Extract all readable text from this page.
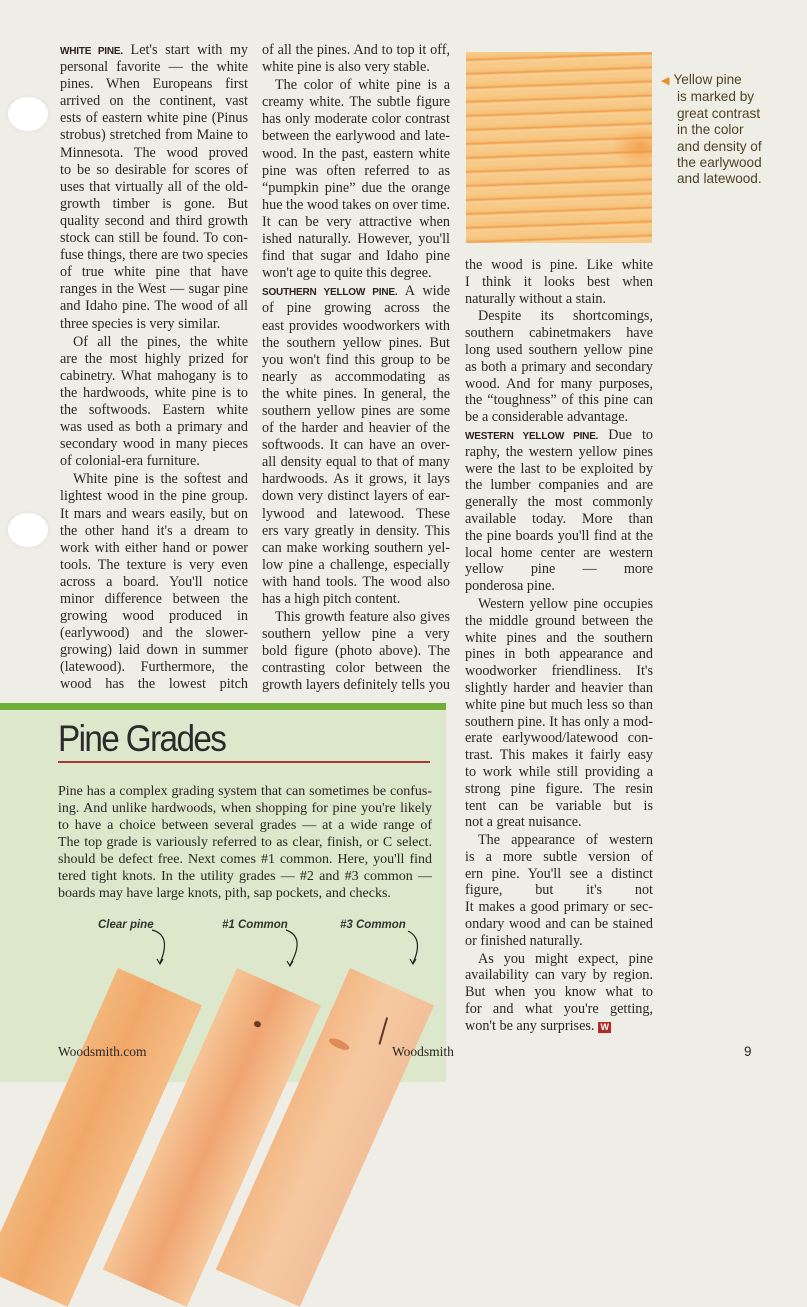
WHITE PINE. Let's start with my
personal favorite — the white
pines. When Europeans first
arrived on the continent, vast
ests of eastern white pine (Pinus
strobus) stretched from Maine to
Minnesota. The wood proved
to be so desirable for scores of
uses that virtually all of the old-
growth timber is gone. But
quality second and third growth
stock can still be found. To con-
fuse things, there are two species
of true white pine that have
ranges in the West — sugar pine
and Idaho pine. The wood of all
three species is very similar.
Of all the pines, the white
are the most highly prized for
cabinetry. What mahogany is to
the hardwoods, white pine is to
the softwoods. Eastern white
was used as both a primary and
secondary wood in many pieces
of colonial-era furniture.
White pine is the softest and
lightest wood in the pine group.
It mars and wears easily, but on
the other hand it's a dream to
work with either hand or power
tools. The texture is very even
across a board. You'll notice
minor difference between the
growing wood produced in
(earlywood) and the slower-
growing) laid down in summer
(latewood). Furthermore, the
wood has the lowest pitch
of all the pines. And to top it off,
white pine is also very stable.
The color of white pine is a
creamy white. The subtle figure
has only moderate color contrast
between the earlywood and late-
wood. In the past, eastern white
pine was often referred to as
“pumpkin pine” due the orange
hue the wood takes on over time.
It can be very attractive when
ished naturally. However, you'll
find that sugar and Idaho pine
won't age to quite this degree.
SOUTHERN YELLOW PINE. A wide
of pine growing across the
east provides woodworkers with
the southern yellow pines. But
you won't find this group to be
nearly as accommodating as
the white pines. In general, the
southern yellow pines are some
of the harder and heavier of the
softwoods. It can have an over-
all density equal to that of many
hardwoods. As it grows, it lays
down very distinct layers of ear-
lywood and latewood. These
ers vary greatly in density. This
can make working southern yel-
low pine a challenge, especially
with hand tools. The wood also
has a high pitch content.
This growth feature also gives
southern yellow pine a very
bold figure (photo above). The
contrasting color between the
growth layers definitely tells you
the wood is pine. Like white
I think it looks best when
naturally without a stain.
Despite its shortcomings,
southern cabinetmakers have
long used southern yellow pine
as both a primary and secondary
wood. And for many purposes,
the “toughness” of this pine can
be a considerable advantage.
WESTERN YELLOW PINE. Due to
raphy, the western yellow pines
were the last to be exploited by
the lumber companies and are
generally the most commonly
available today. More than
the pine boards you'll find at the
local home center are western
yellow pine — more
ponderosa pine.
Western yellow pine occupies
the middle ground between the
white pines and the southern
pines in both appearance and
woodworker friendliness. It's
slightly harder and heavier than
white pine but much less so than
southern pine. It has only a mod-
erate earlywood/latewood con-
trast. This makes it fairly easy
to work while still providing a
strong pine figure. The resin
tent can be variable but is
not a great nuisance.
The appearance of western
is a more subtle version of
ern pine. You'll see a distinct
figure, but it's not
It makes a good primary or sec-
ondary wood and can be stained
or finished naturally.
As you might expect, pine
availability can vary by region.
But when you know what to
for and what you're getting,
won't be any surprises. W
◀ Yellow pine
is marked by
great contrast
in the color
and density of
the earlywood
and latewood.
Pine Grades
Pine has a complex grading system that can sometimes be confus-
ing. And unlike hardwoods, when shopping for pine you're likely
to have a choice between several grades — at a wide range of
The top grade is variously referred to as clear, finish, or C select.
should be defect free. Next comes #1 common. Here, you'll find
tered tight knots. In the utility grades — #2 and #3 common —
boards may have large knots, pith, sap pockets, and checks.
Clear pine	#1 Common	#3 Common
Woodsmith.com	Woodsmith	9
